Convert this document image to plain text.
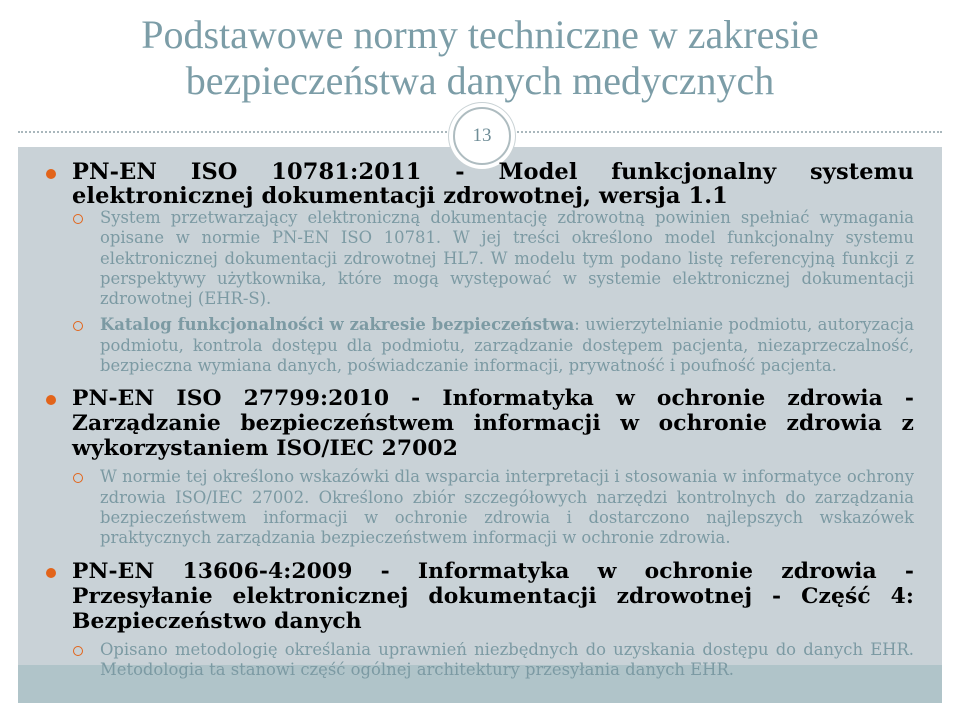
Podstawowe normy techniczne w zakresie
bezpieczeństwa danych medycznych
13
PN-EN ISO 10781:2011 - Model funkcjonalny systemu elektronicznej dokumentacji zdrowotnej, wersja 1.1
System przetwarzający elektroniczną dokumentację zdrowotną powinien spełniać wymagania opisane w normie PN-EN ISO 10781. W jej treści określono model funkcjonalny systemu elektronicznej dokumentacji zdrowotnej HL7. W modelu tym podano listę referencyjną funkcji z perspektywy użytkownika, które mogą występować w systemie elektronicznej dokumentacji zdrowotnej (EHR-S).
Katalog funkcjonalności w zakresie bezpieczeństwa: uwierzytelnianie podmiotu, autoryzacja podmiotu, kontrola dostępu dla podmiotu, zarządzanie dostępem pacjenta, niezaprzeczalność, bezpieczna wymiana danych, poświadczanie informacji, prywatność i poufność pacjenta.
PN-EN ISO 27799:2010 - Informatyka w ochronie zdrowia - Zarządzanie bezpieczeństwem informacji w ochronie zdrowia z wykorzystaniem ISO/IEC 27002
W normie tej określono wskazówki dla wsparcia interpretacji i stosowania w informatyce ochrony zdrowia ISO/IEC 27002. Określono zbiór szczegółowych narzędzi kontrolnych do zarządzania bezpieczeństwem informacji w ochronie zdrowia i dostarczono najlepszych wskazówek praktycznych zarządzania bezpieczeństwem informacji w ochronie zdrowia.
PN-EN 13606-4:2009 - Informatyka w ochronie zdrowia - Przesyłanie elektronicznej dokumentacji zdrowotnej - Część 4: Bezpieczeństwo danych
Opisano metodologię określania uprawnień niezbędnych do uzyskania dostępu do danych EHR. Metodologia ta stanowi część ogólnej architektury przesyłania danych EHR.
